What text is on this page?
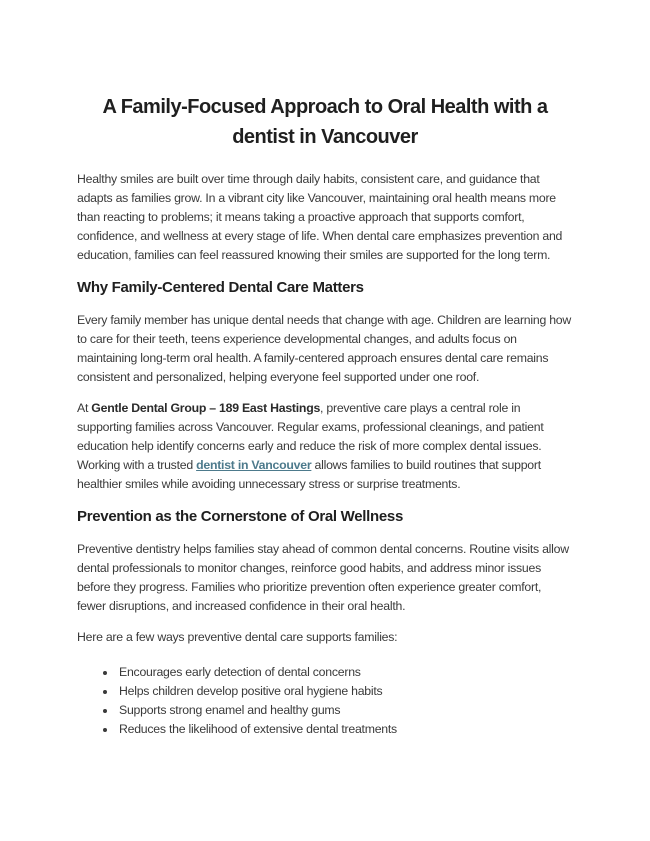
A Family-Focused Approach to Oral Health with a
dentist in Vancouver

Healthy smiles are built over time through daily habits, consistent care, and guidance that adapts as families grow. In a vibrant city like Vancouver, maintaining oral health means more than reacting to problems; it means taking a proactive approach that supports comfort, confidence, and wellness at every stage of life. When dental care emphasizes prevention and education, families can feel reassured knowing their smiles are supported for the long term.

Why Family-Centered Dental Care Matters

Every family member has unique dental needs that change with age. Children are learning how to care for their teeth, teens experience developmental changes, and adults focus on maintaining long-term oral health. A family-centered approach ensures dental care remains consistent and personalized, helping everyone feel supported under one roof.

At Gentle Dental Group – 189 East Hastings, preventive care plays a central role in supporting families across Vancouver. Regular exams, professional cleanings, and patient education help identify concerns early and reduce the risk of more complex dental issues. Working with a trusted dentist in Vancouver allows families to build routines that support healthier smiles while avoiding unnecessary stress or surprise treatments.

Prevention as the Cornerstone of Oral Wellness

Preventive dentistry helps families stay ahead of common dental concerns. Routine visits allow dental professionals to monitor changes, reinforce good habits, and address minor issues before they progress. Families who prioritize prevention often experience greater comfort, fewer disruptions, and increased confidence in their oral health.

Here are a few ways preventive dental care supports families:

• Encourages early detection of dental concerns
• Helps children develop positive oral hygiene habits
• Supports strong enamel and healthy gums
• Reduces the likelihood of extensive dental treatments
